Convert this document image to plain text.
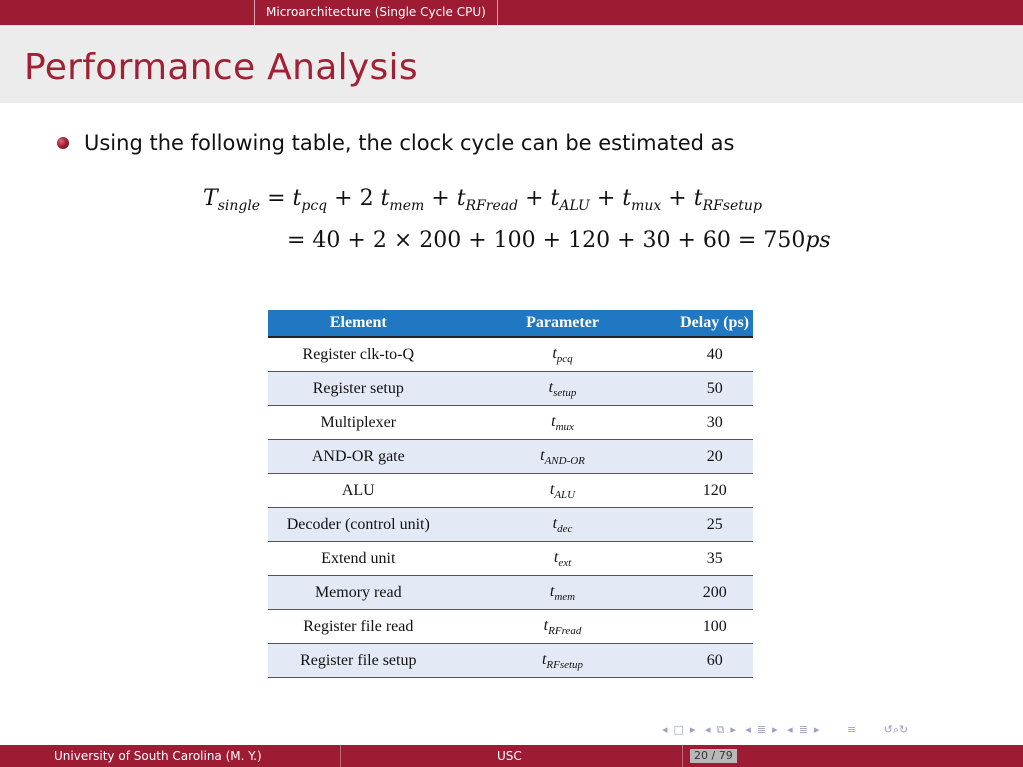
Microarchitecture (Single Cycle CPU)
Performance Analysis
Using the following table, the clock cycle can be estimated as
$T_{single} = t_{pcq} + 2$ $t_{mem} + t_{RFread} + t_{ALU} + t_{mux} + t_{RFsetup}$
= 40 + 2 × 200 + 100 + 120 + 30 + 60 = 750ps
Element	Parameter	Delay (ps)
Register clk-to-Q	$t_{pcq}$	40
Register setup	$t_{setup}$	50
Multiplexer	$t_{mux}$	30
AND-OR gate	$t_{AND-OR}$	20
ALU	$t_{ALU}$	120
Decoder (control unit)	$t_{dec}$	25
Extend unit	$t_{ext}$	35
Memory read	$t_{mem}$	200
Register file read	$t_{RFread}$	100
Register file setup	$t_{RFsetup}$	60
◂ □ ▸ ◂ ⧉ ▸ ◂ ≣ ▸ ◂ ≣ ▸	≡	↺⌕↻
University of South Carolina (M. Y.)	USC	20 / 79
